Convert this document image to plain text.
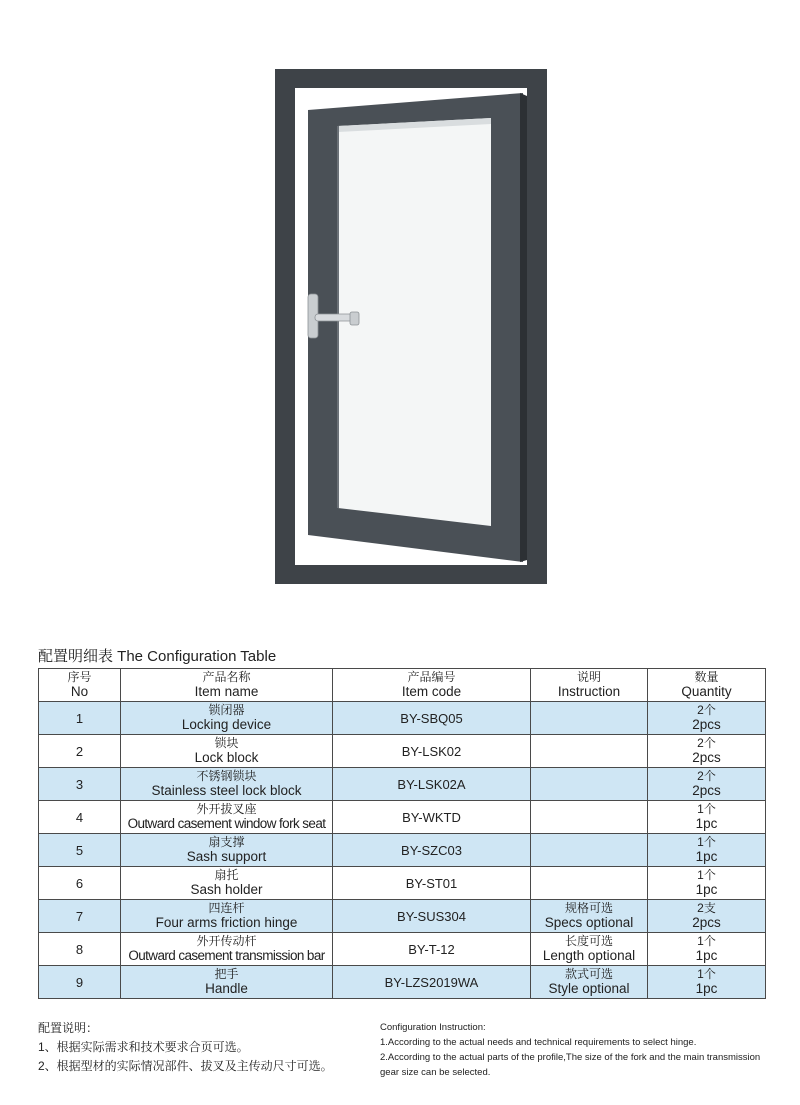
配置明细表 The Configuration Table
序号
No	产品名称
Item name	产品编号
Item code	说明
Instruction	数量
Quantity

1	锁闭器
Locking device	BY-SBQ05		2个
2pcs

2	锁块
Lock block	BY-LSK02		2个
2pcs

3	不锈钢锁块
Stainless steel lock block	BY-LSK02A		2个
2pcs

4	外开拔叉座
Outward casement window fork seat	BY-WKTD		1个
1pc

5	扇支撑
Sash support	BY-SZC03		1个
1pc

6	扇托
Sash holder	BY-ST01		1个
1pc

7	四连杆
Four arms friction hinge	BY-SUS304	规格可选
Specs optional	2支
2pcs

8	外开传动杆
Outward casement transmission bar	BY-T-12	长度可选
Length optional	1个
1pc

9	把手
Handle	BY-LZS2019WA	款式可选
Style optional	1个
1pc
配置说明：
1、根据实际需求和技术要求合页可选。
2、根据型材的实际情况部件、拔叉及主传动尺寸可选。
Configuration Instruction:
1.According to the actual needs and technical requirements to select hinge.
2.According to the actual parts of the profile,The size of the fork and the main transmission
gear size can be selected.
